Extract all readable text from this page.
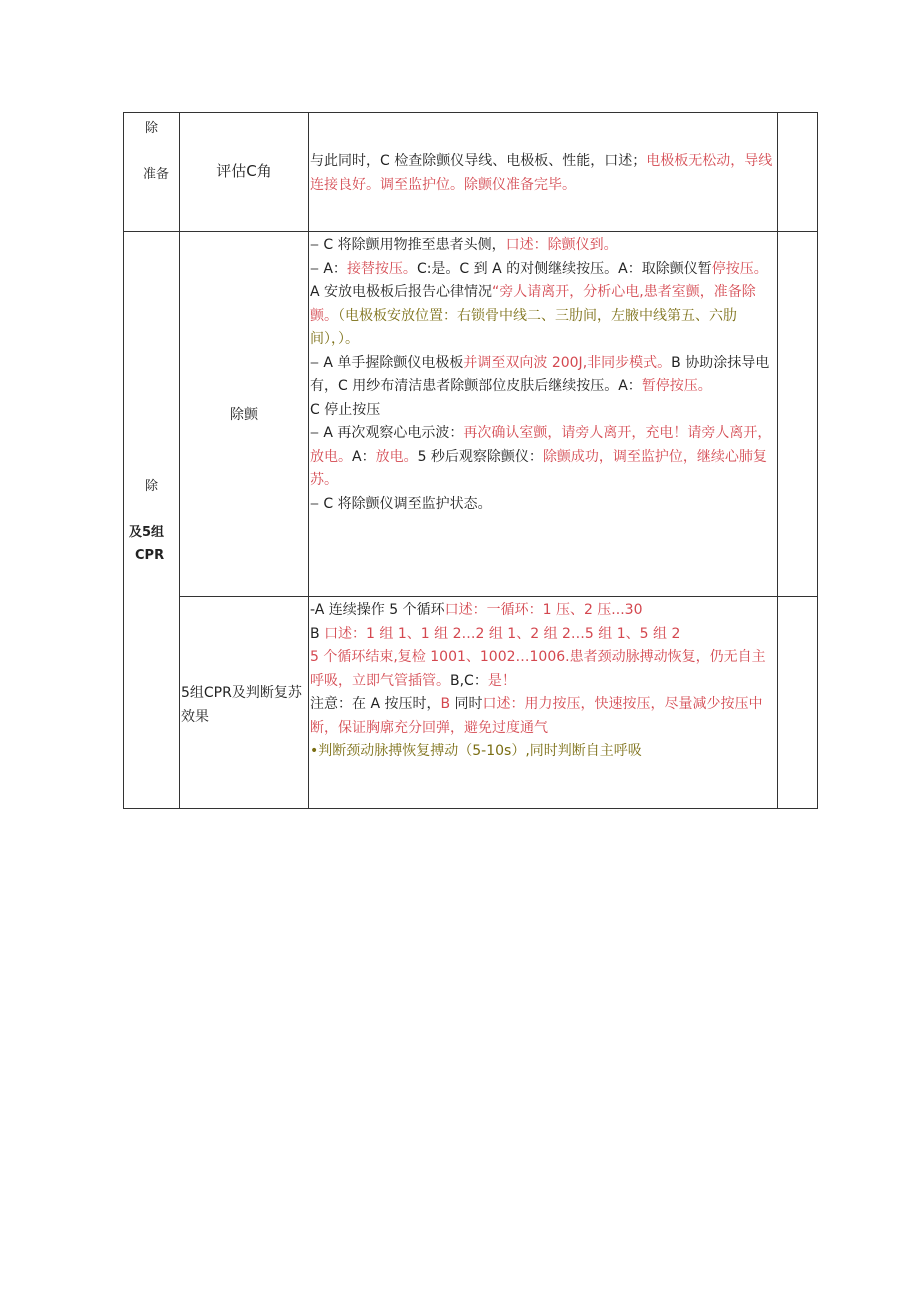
除
准备	评估C角
与此同时，C 检查除颤仪导线、电极板、性能，口述；电极板无松动，导线连接良好。调至监护位。除颤仪准备完毕。
除
及5组
CPR
除颤
‒ C 将除颤用物推至患者头侧，口述：除颤仪到。
‒ A：接替按压。C:是。C 到 A 的对侧继续按压。A：取除颤仪暂停按压。A 安放电极板后报告心律情况“旁人请离开，分析心电,患者室颤，准备除颤。（电极板安放位置：右锁骨中线二、三肋间，左腋中线第五、六肋间），）。
‒ A 单手握除颤仪电极板并调至双向波 200J,非同步模式。B 协助涂抹导电有，C 用纱布清洁患者除颤部位皮肤后继续按压。A：暂停按压。
C 停止按压
‒ A 再次观察心电示波：再次确认室颤，请旁人离开，充电！请旁人离开，放电。A：放电。5 秒后观察除颤仪：除颤成功，调至监护位，继续心肺复苏。
‒ C 将除颤仪调至监护状态。
5组CPR及判断复苏效果
-A 连续操作 5 个循环口述：一循环：1 压、2 压...30
B 口述：1 组 1、1 组 2…2 组 1、2 组 2…5 组 1、5 组 2
5 个循环结束,复检 1001、1002…1006.患者颈动脉搏动恢复，仍无自主呼吸，立即气管插管。B,C：是！
注意：在 A 按压时，B 同时口述：用力按压，快速按压，尽量减少按压中断，保证胸廓充分回弹，避免过度通气
•判断颈动脉搏恢复搏动（5-10s）,同时判断自主呼吸
